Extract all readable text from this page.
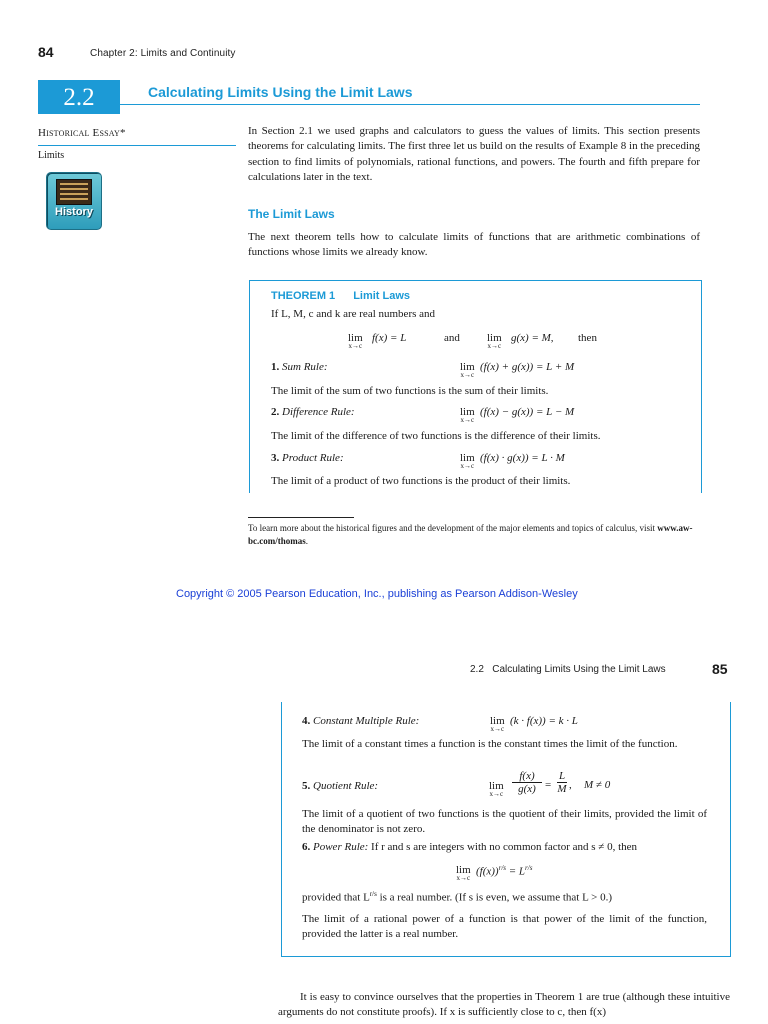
84	Chapter 2: Limits and Continuity
2.2	Calculating Limits Using the Limit Laws
Historical Essay*
Limits
History
In Section 2.1 we used graphs and calculators to guess the values of limits. This section presents theorems for calculating limits. The first three let us build on the results of Example 8 in the preceding section to find limits of polynomials, rational functions, and powers. The fourth and fifth prepare for calculations later in the text.
The Limit Laws
The next theorem tells how to calculate limits of functions that are arithmetic combinations of functions whose limits we already know.
THEOREM 1 Limit Laws
If L, M, c and k are real numbers and
lim
x→c
f(x) = L	and lim
x→c
g(x) = M, then
1. Sum Rule:	lim
x→c
(f(x) + g(x)) = L + M
The limit of the sum of two functions is the sum of their limits.
2. Difference Rule:	lim
x→c
(f(x) − g(x)) = L − M
The limit of the difference of two functions is the difference of their limits.
3. Product Rule:	lim
x→c
(f(x) · g(x)) = L · M
The limit of a product of two functions is the product of their limits.
To learn more about the historical figures and the development of the major elements and topics of calculus, visit www.aw-bc.com/thomas.
Copyright © 2005 Pearson Education, Inc., publishing as Pearson Addison-Wesley
2.2   Calculating Limits Using the Limit Laws	85
4. Constant Multiple Rule:	lim
x→c
(k · f(x)) = k · L
The limit of a constant times a function is the constant times the limit of the function.
5. Quotient Rule:	lim
x→c
f(x)
g(x) =
L
M , M ≠ 0
The limit of a quotient of two functions is the quotient of their limits, provided the limit of the denominator is not zero.
6. Power Rule: If r and s are integers with no common factor and s ≠ 0, then
lim
x→c
$(f(x))^{r/s} = L^{r/s}$
provided that $L^{r/s}$ is a real number. (If s is even, we assume that L > 0.)
The limit of a rational power of a function is that power of the limit of the function, provided the latter is a real number.
It is easy to convince ourselves that the properties in Theorem 1 are true (although these intuitive arguments do not constitute proofs). If x is sufficiently close to c, then f(x)
